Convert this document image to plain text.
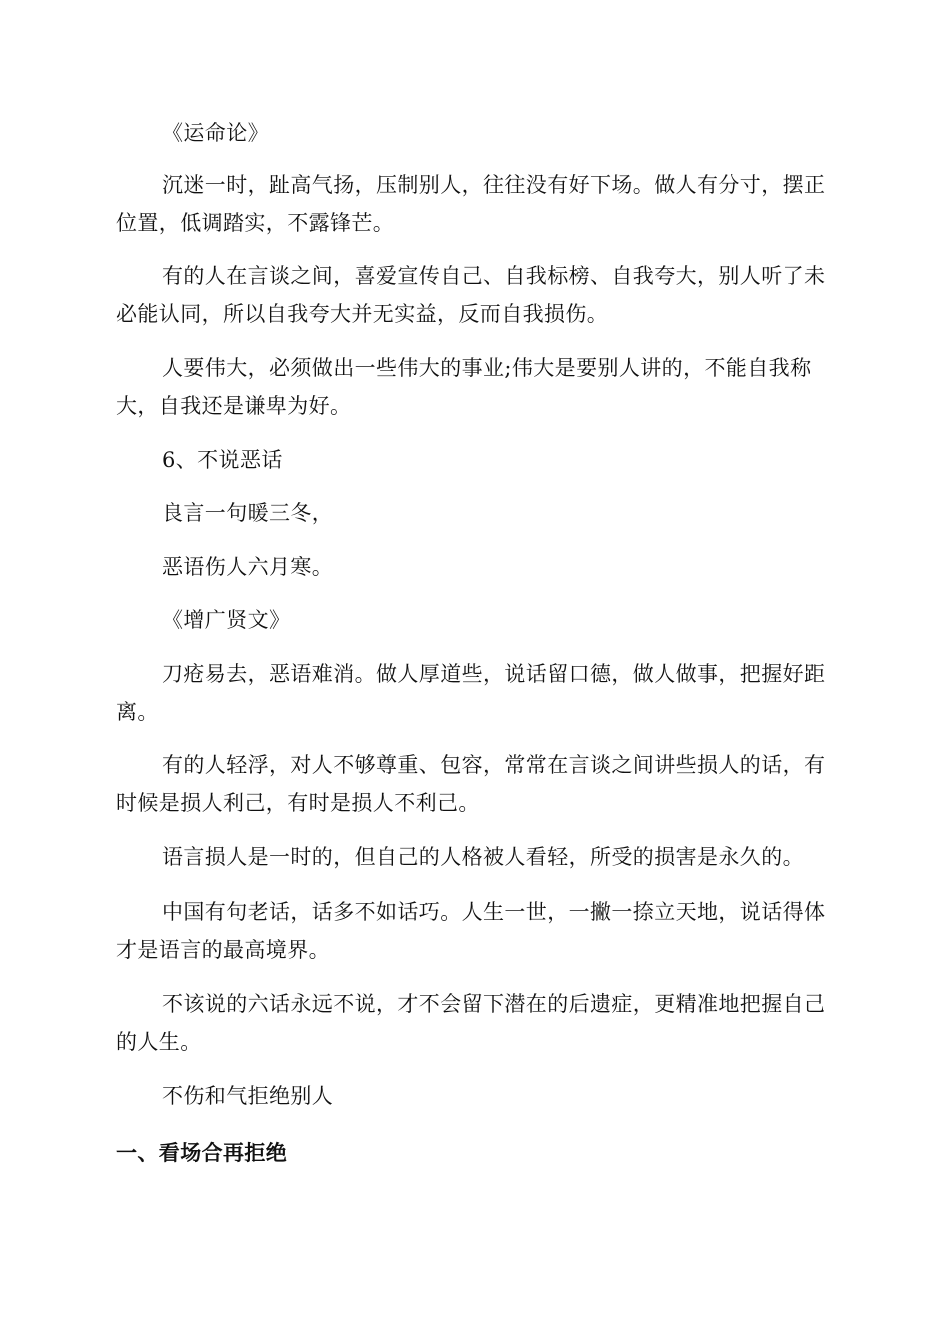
《运命论》

沉迷一时，趾高气扬，压制别人，往往没有好下场。做人有分寸，摆正位置，低调踏实，不露锋芒。

有的人在言谈之间，喜爱宣传自己、自我标榜、自我夸大，别人听了未必能认同，所以自我夸大并无实益，反而自我损伤。

人要伟大，必须做出一些伟大的事业;伟大是要别人讲的，不能自我称大，自我还是谦卑为好。

6、不说恶话

良言一句暖三冬，

恶语伤人六月寒。

《增广贤文》

刀疮易去，恶语难消。做人厚道些，说话留口德，做人做事，把握好距离。

有的人轻浮，对人不够尊重、包容，常常在言谈之间讲些损人的话，有时候是损人利己，有时是损人不利己。

语言损人是一时的，但自己的人格被人看轻，所受的损害是永久的。

中国有句老话，话多不如话巧。人生一世，一撇一捺立天地，说话得体才是语言的最高境界。

不该说的六话永远不说，才不会留下潜在的后遗症，更精准地把握自己的人生。

不伤和气拒绝别人

一、看场合再拒绝
